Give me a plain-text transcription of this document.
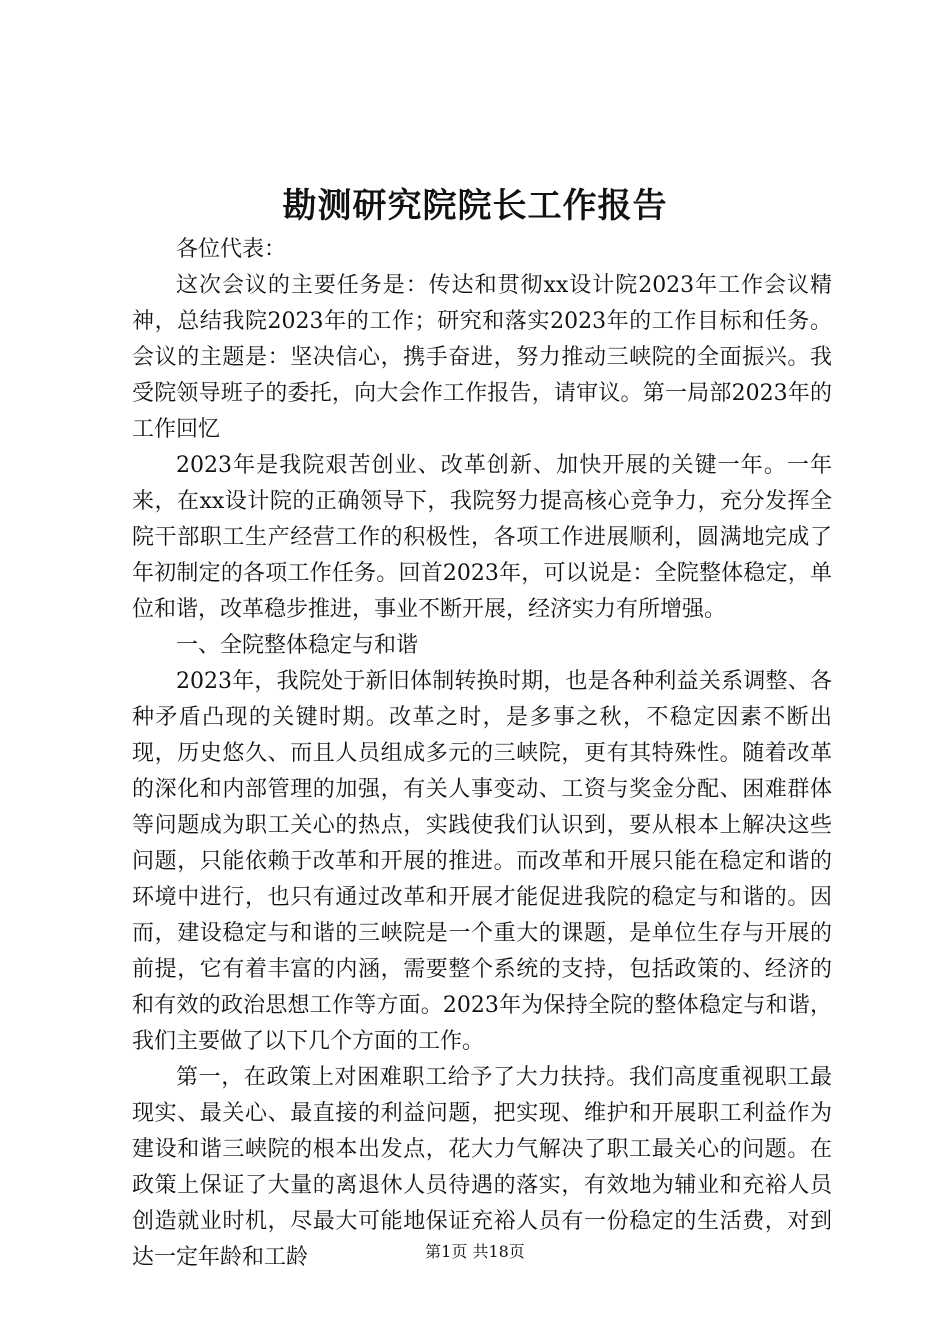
勘测研究院院长工作报告

各位代表：

这次会议的主要任务是：传达和贯彻xx设计院2023年工作会议精神，总结我院2023年的工作；研究和落实2023年的工作目标和任务。会议的主题是：坚决信心，携手奋进，努力推动三峡院的全面振兴。我受院领导班子的委托，向大会作工作报告，请审议。第一局部2023年的工作回忆

2023年是我院艰苦创业、改革创新、加快开展的关键一年。一年来，在xx设计院的正确领导下，我院努力提高核心竞争力，充分发挥全院干部职工生产经营工作的积极性，各项工作进展顺利，圆满地完成了年初制定的各项工作任务。回首2023年，可以说是：全院整体稳定，单位和谐，改革稳步推进，事业不断开展，经济实力有所增强。

一、全院整体稳定与和谐

2023年，我院处于新旧体制转换时期，也是各种利益关系调整、各种矛盾凸现的关键时期。改革之时，是多事之秋，不稳定因素不断出现，历史悠久、而且人员组成多元的三峡院，更有其特殊性。随着改革的深化和内部管理的加强，有关人事变动、工资与奖金分配、困难群体等问题成为职工关心的热点，实践使我们认识到，要从根本上解决这些问题，只能依赖于改革和开展的推进。而改革和开展只能在稳定和谐的环境中进行，也只有通过改革和开展才能促进我院的稳定与和谐的。因而，建设稳定与和谐的三峡院是一个重大的课题，是单位生存与开展的前提，它有着丰富的内涵，需要整个系统的支持，包括政策的、经济的和有效的政治思想工作等方面。2023年为保持全院的整体稳定与和谐，我们主要做了以下几个方面的工作。

第一，在政策上对困难职工给予了大力扶持。我们高度重视职工最现实、最关心、最直接的利益问题，把实现、维护和开展职工利益作为建设和谐三峡院的根本出发点，花大力气解决了职工最关心的问题。在政策上保证了大量的离退休人员待遇的落实，有效地为辅业和充裕人员创造就业时机，尽最大可能地保证充裕人员有一份稳定的生活费，对到达一定年龄和工龄	第1页 共18页
